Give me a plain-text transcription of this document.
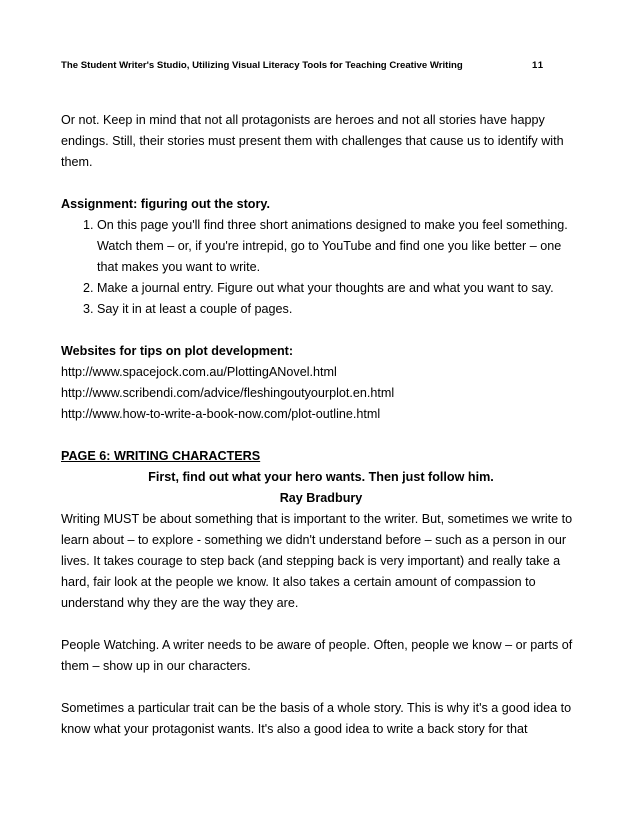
The Student Writer's Studio, Utilizing Visual Literacy Tools for Teaching Creative Writing	11

Or not. Keep in mind that not all protagonists are heroes and not all stories have happy endings. Still, their stories must present them with challenges that cause us to identify with them.

Assignment: figuring out the story.

1. On this page you'll find three short animations designed to make you feel something. Watch them – or, if you're intrepid, go to YouTube and find one you like better – one that makes you want to write.
2. Make a journal entry. Figure out what your thoughts are and what you want to say.
3. Say it in at least a couple of pages.

Websites for tips on plot development:

http://www.spacejock.com.au/PlottingANovel.html

http://www.scribendi.com/advice/fleshingoutyourplot.en.html

http://www.how-to-write-a-book-now.com/plot-outline.html

PAGE 6: WRITING CHARACTERS

First, find out what your hero wants. Then just follow him.

Ray Bradbury

Writing MUST be about something that is important to the writer. But, sometimes we write to learn about – to explore - something we didn't understand before – such as a person in our lives. It takes courage to step back (and stepping back is very important) and really take a hard, fair look at the people we know. It also takes a certain amount of compassion to understand why they are the way they are.

People Watching. A writer needs to be aware of people. Often, people we know – or parts of them – show up in our characters.

Sometimes a particular trait can be the basis of a whole story. This is why it's a good idea to know what your protagonist wants. It's also a good idea to write a back story for that
